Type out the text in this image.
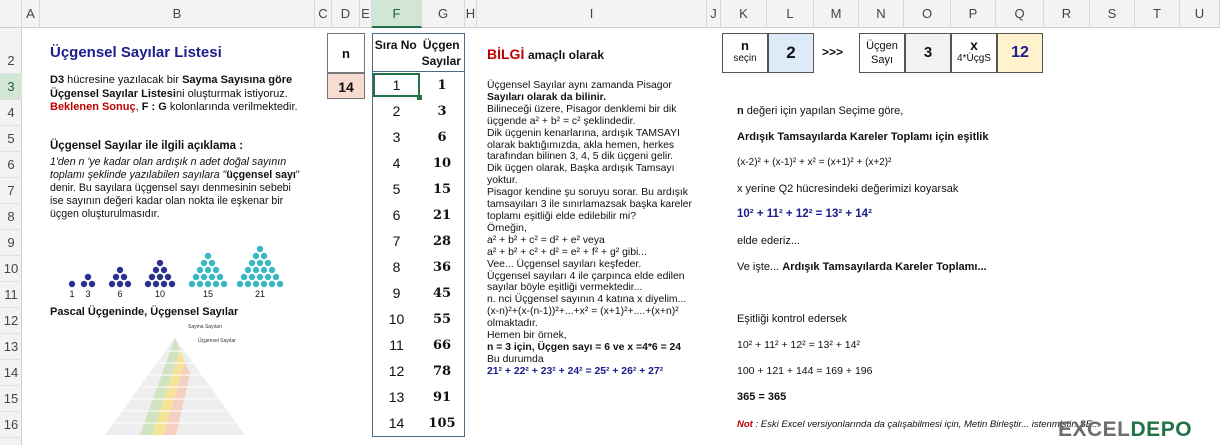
A	B	C	D E	F	G	H	I	J	K	L	M	N	O	P	Q	R	S	T	U
2
3
4
5
6
7
8
9
10
11
12
13
14
15
16
Üçgensel Sayılar Listesi
D3 hücresine yazılacak bir Sayma Sayısına göre
Üçgensel Sayılar Listesini oluşturmak istiyoruz.
Beklenen Sonuç, F : G kolonlarında verilmektedir.
Üçgensel Sayılar ile ilgili açıklama :
1'den n 'ye kadar olan ardışık n adet doğal sayının
toplamı şeklinde yazılabilen sayılara "üçgensel sayı"
denir. Bu sayılara üçgensel sayı denmesinin sebebi
ise sayının değeri kadar olan nokta ile eşkenar bir
üçgen oluşturulmasıdır.
1 3	6	10	15	21
Pascal Üçgeninde, Üçgensel Sayılar
Sayma Sayıları
Üçgensel Sayılar
n
14
Sıra No Üçgen Sayılar
1	1
2	3
3	6
4	10
5	15
6	21
7	28
8	36
9	45
10	55
11	66
12	78
13	91
14	105
BİLGİ amaçlı olarak
Üçgensel Sayılar aynı zamanda Pisagor
Sayıları olarak da bilinir.
Bilineceği üzere, Pisagor denklemi bir dik
üçgende a² + b² = c² şeklindedir.
Dik üçgenin kenarlarına, ardışık TAMSAYI
olarak baktığımızda, akla hemen, herkes
tarafından bilinen 3, 4, 5 dik üçgeni gelir.
Dik üçgen olarak, Başka ardışık Tamsayı
yoktur.
Pisagor kendine şu soruyu sorar. Bu ardışık
tamsayıları 3 ile sınırlamazsak başka kareler
toplamı eşitliği elde edilebilir mi?
Örneğin,
a² + b² + c² = d² + e² veya
a² + b² + c² + d² = e² + f² + g² gibi...
Vee... Üçgensel sayıları keşfeder.
Üçgensel sayıları 4 ile çarpınca elde edilen
sayılar böyle eşitliği vermektedir...
n. nci Üçgensel sayının 4 katına x diyelim...
(x-n)²+(x-(n-1))²+...+x² = (x+1)²+....+(x+n)²
olmaktadır.
Hemen bir örnek,
n = 3 için, Üçgen sayı = 6 ve x =4*6 = 24
Bu durumda
21² + 22² + 23² + 24² = 25² + 26² + 27²
n
seçin	2	>>>	Üçgen Sayı	3	x
4*ÜçgS	12
n değeri için yapılan Seçime göre,
Ardışık Tamsayılarda Kareler Toplamı için eşitlik
(x-2)² + (x-1)² + x² = (x+1)² + (x+2)²
x yerine Q2 hücresindeki değerimizi koyarsak
10² + 11² + 12² = 13² + 14²
elde ederiz...
Ve işte... Ardışık Tamsayılarda Kareler Toplamı...
Eşitliği kontrol edersek
10² + 11² + 12² = 13² + 14²
100 + 121 + 144 = 169 + 196
365 = 365
Not : Eski Excel versiyonlarında da çalışabilmesi için, Metin Birleştir... istenmiştir. SE...
EXCELDEPO
